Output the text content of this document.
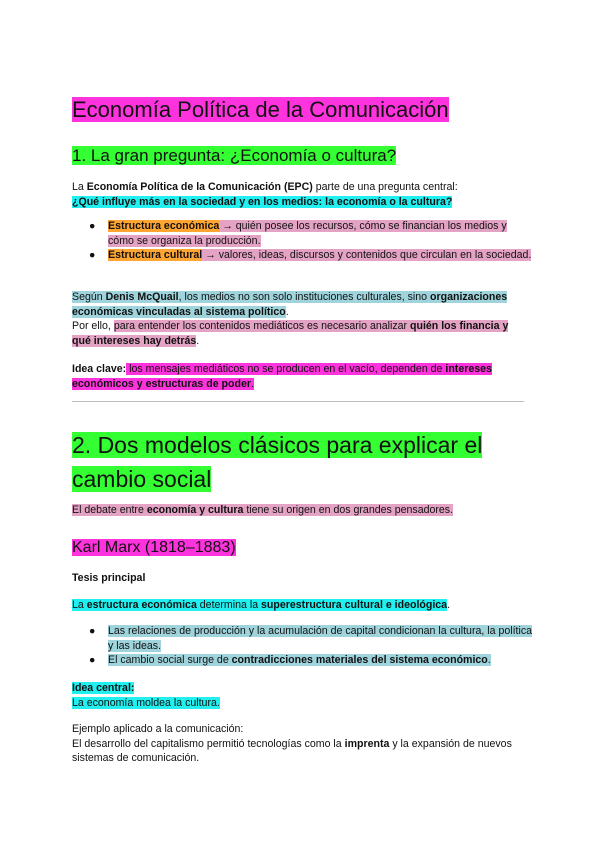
Economía Política de la Comunicación
1. La gran pregunta: ¿Economía o cultura?

La Economía Política de la Comunicación (EPC) parte de una pregunta central:

¿Qué influye más en la sociedad y en los medios: la economía o la cultura?

● Estructura económica → quién posee los recursos, cómo se financian los medios y cómo se organiza la producción.
● Estructura cultural → valores, ideas, discursos y contenidos que circulan en la sociedad.

Según Denis McQuail, los medios no son solo instituciones culturales, sino organizaciones económicas vinculadas al sistema político.

Por ello, para entender los contenidos mediáticos es necesario analizar quién los financia y qué intereses hay detrás.

Idea clave: los mensajes mediáticos no se producen en el vacío, dependen de intereses económicos y estructuras de poder.

2. Dos modelos clásicos para explicar el
cambio social

El debate entre economía y cultura tiene su origen en dos grandes pensadores.

Karl Marx (1818–1883)

Tesis principal

La estructura económica determina la superestructura cultural e ideológica.

● Las relaciones de producción y la acumulación de capital condicionan la cultura, la política y las ideas.
● El cambio social surge de contradicciones materiales del sistema económico.

Idea central:

La economía moldea la cultura.

Ejemplo aplicado a la comunicación:

El desarrollo del capitalismo permitió tecnologías como la imprenta y la expansión de nuevos sistemas de comunicación.
